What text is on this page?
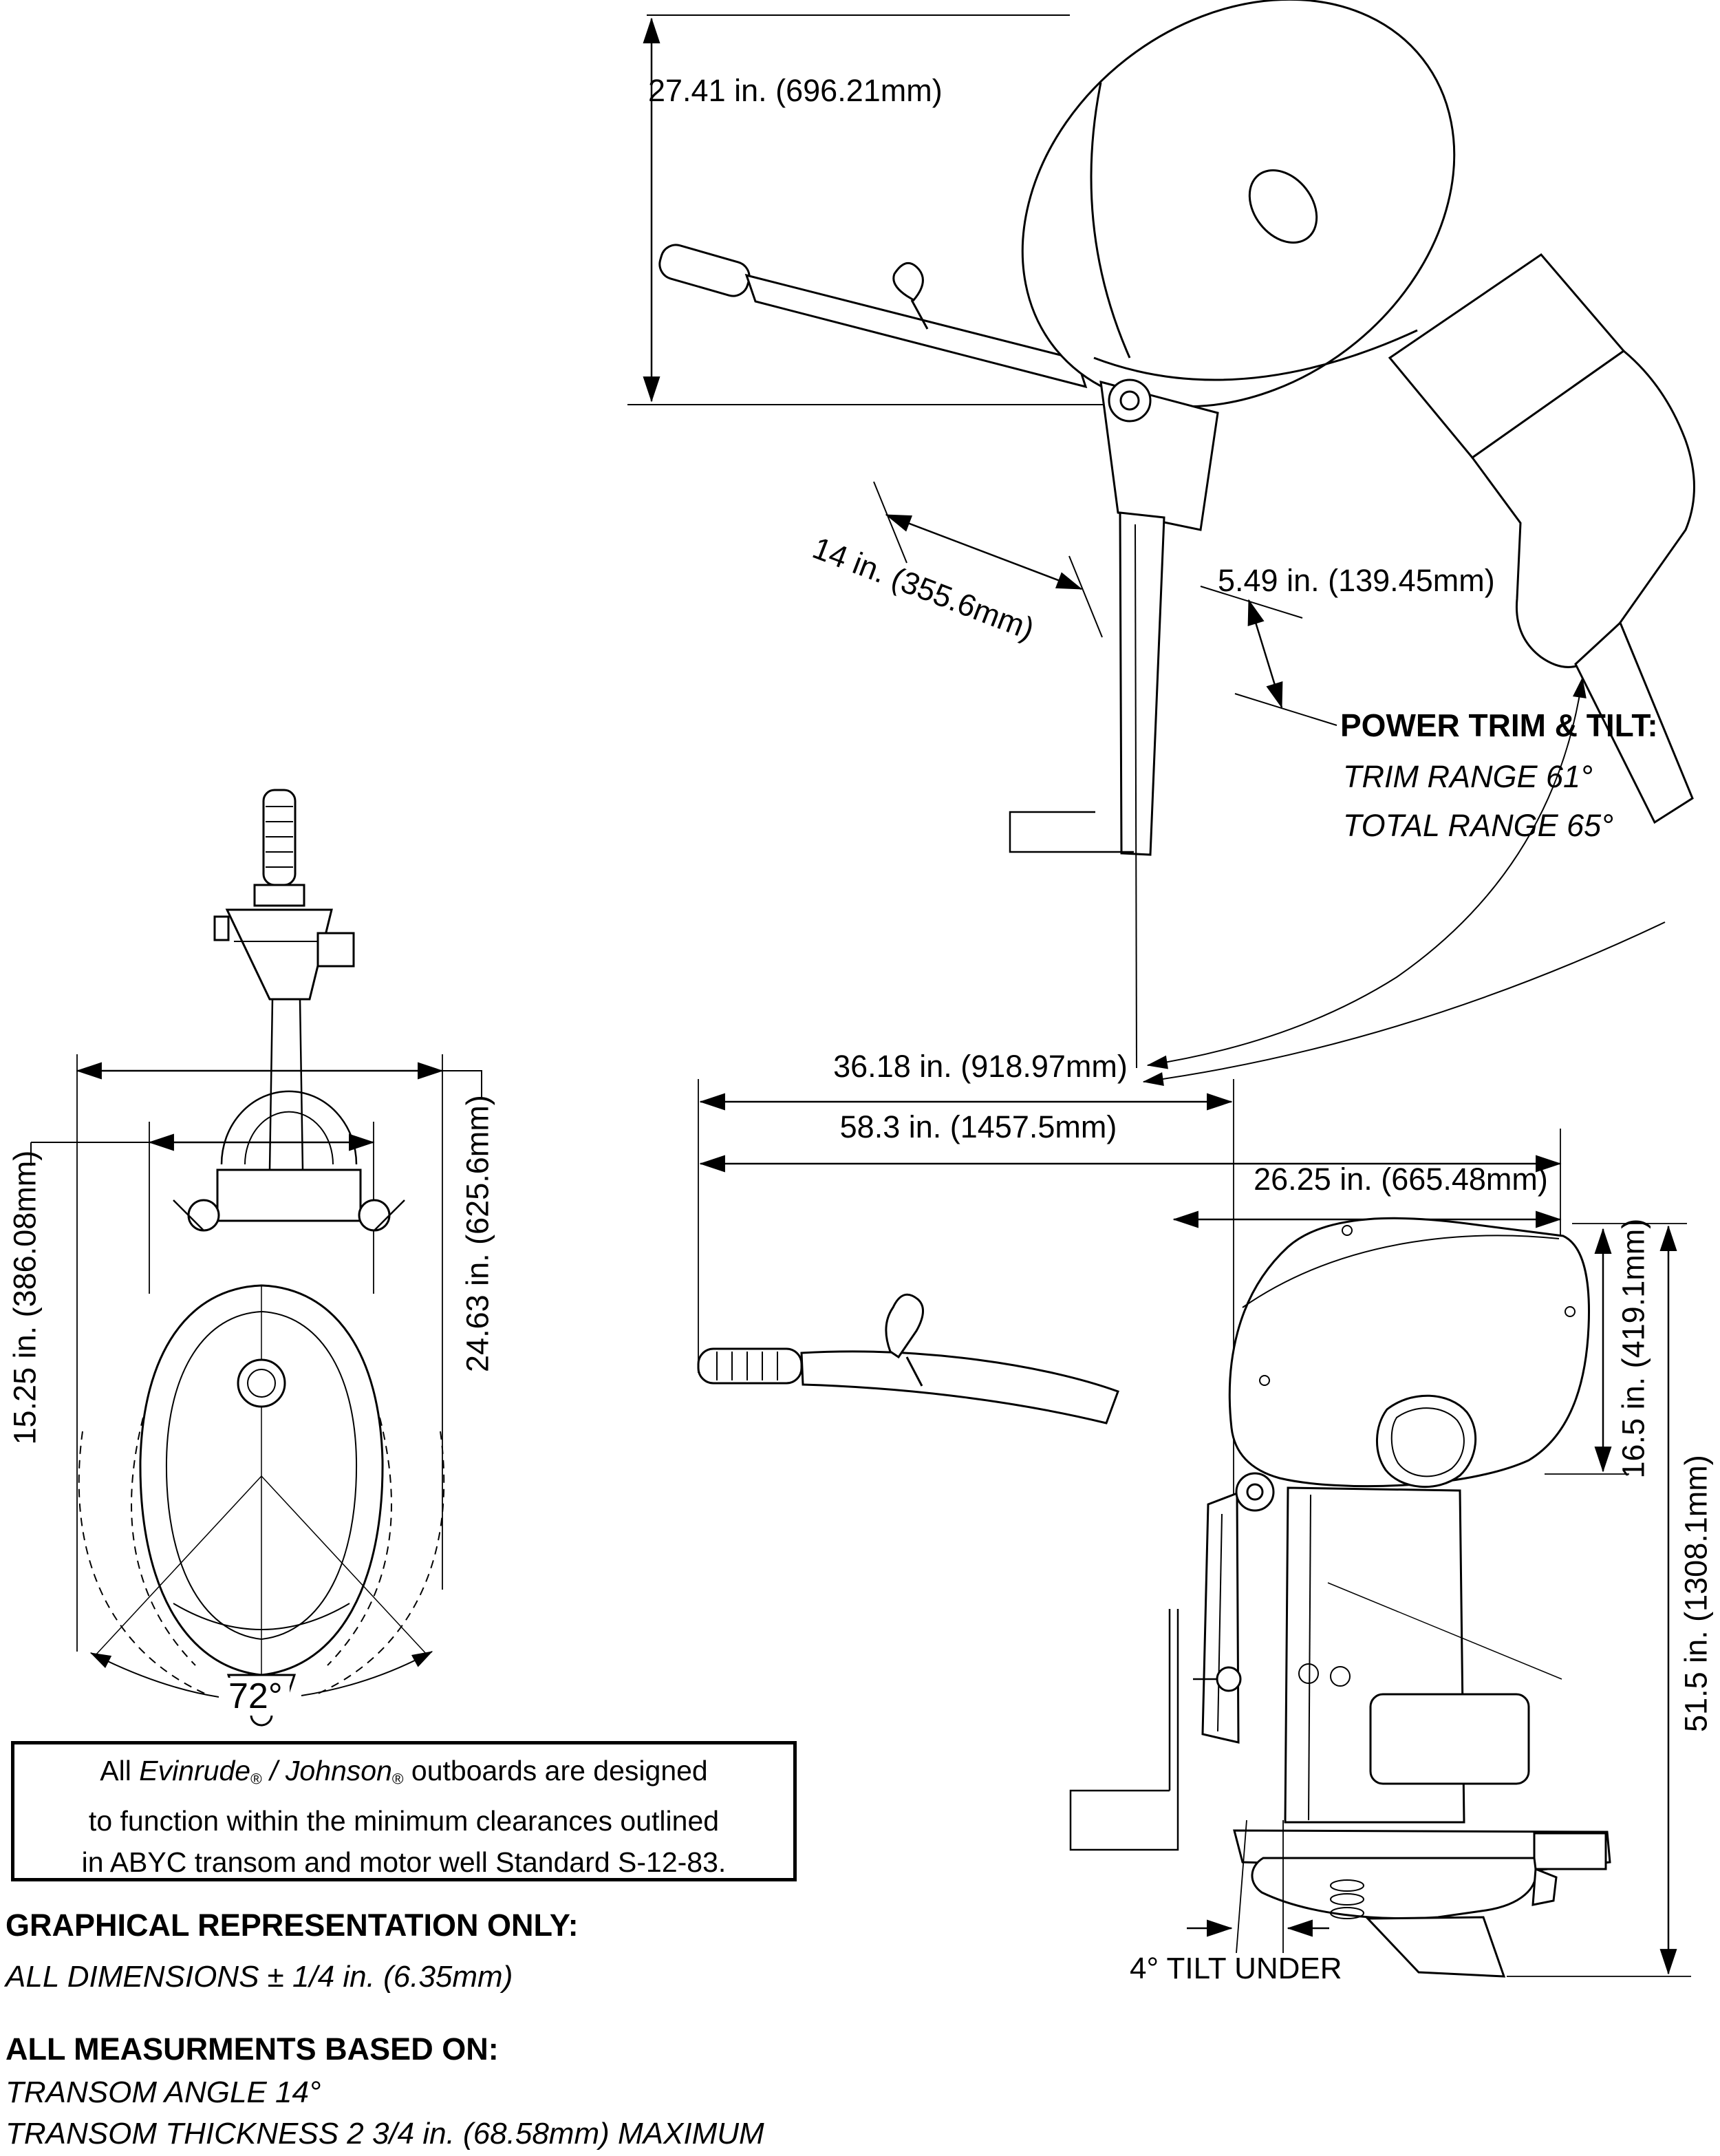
27.41 in. (696.21mm)
14 in. (355.6mm)	5.49 in. (139.45mm)
POWER TRIM & TILT:
TRIM RANGE 61°
TOTAL RANGE 65°
15.25 in. (386.08mm)	24.63 in. (625.6mm)
72°
36.18 in. (918.97mm)
58.3 in. (1457.5mm)
26.25 in. (665.48mm)
16.5 in. (419.1mm)
51.5 in. (1308.1mm)
4° TILT UNDER
All Evinrude® / Johnson® outboards are designed
to function within the minimum clearances outlined
in ABYC transom and motor well Standard S-12-83.
GRAPHICAL REPRESENTATION ONLY:
ALL DIMENSIONS ± 1/4 in. (6.35mm)
ALL MEASURMENTS BASED ON:
TRANSOM ANGLE 14°
TRANSOM THICKNESS 2 3/4 in. (68.58mm) MAXIMUM
